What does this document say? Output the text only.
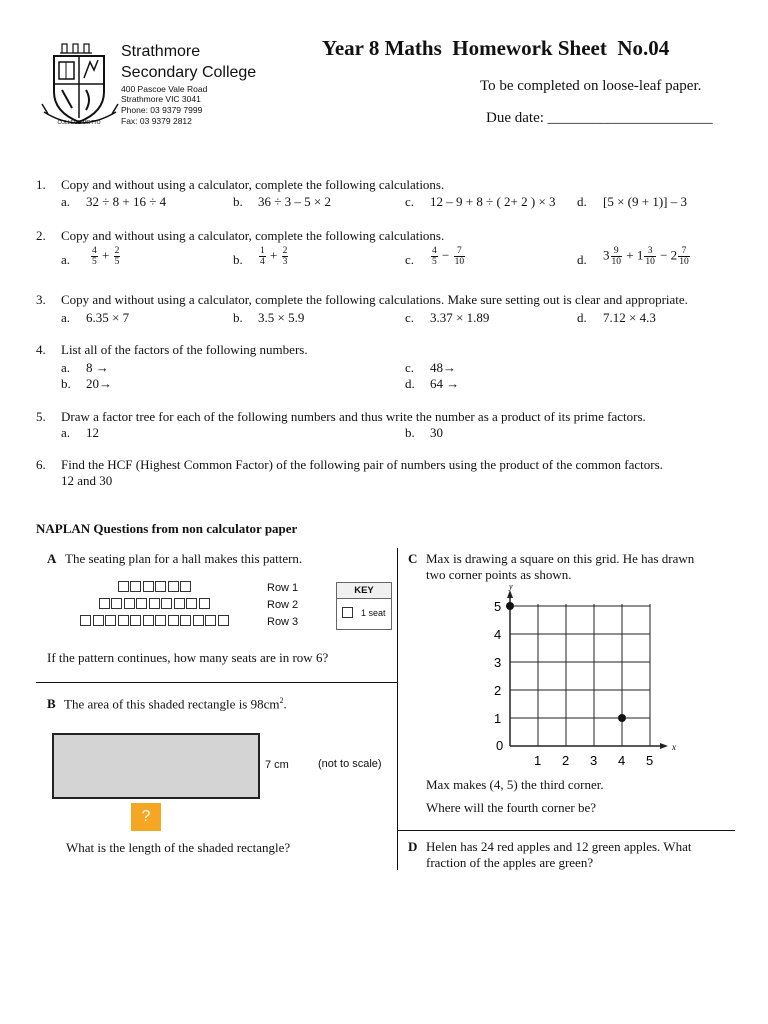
COLLEGE MOTTO
Strathmore
Secondary College
400 Pascoe Vale Road
Strathmore VIC 3041
Phone: 03 9379 7999
Fax: 03 9379 2812
Year 8 Maths  Homework Sheet  No.04
To be completed on loose-leaf paper.
Due date: ______________________
1. Copy and without using a calculator, complete the following calculations.
a. 32 ÷ 8 + 16 ÷ 4	b. 36 ÷ 3 – 5 × 2	c. 12 – 9 + 8 ÷ ( 2+ 2 ) × 3 d. [5 × (9 + 1)] – 3
2. Copy and without using a calculator, complete the following calculations.
a. $\frac{4}{5} + \frac{2}{5}$	b. $\frac{1}{4} + \frac{2}{3}$	c. $\frac{4}{5} - \frac{7}{10}$	d. $3 \frac{9}{10} + 1 \frac{3}{10} - 2 \frac{7}{10}$
3. Copy and without using a calculator, complete the following calculations. Make sure setting out is clear and appropriate.
a. 6.35 × 7	b. 3.5 × 5.9	c. 3.37 × 1.89	d. 7.12 × 4.3
4. List all of the factors of the following numbers.
a. 8 →
b. 20→
c. 48→
d. 64 →
5. Draw a factor tree for each of the following numbers and thus write the number as a product of its prime factors.
a. 12	b. 30
6. Find the HCF (Highest Common Factor) of the following pair of numbers using the product of the common factors.
12 and 30
NAPLAN Questions from non calculator paper
A The seating plan for a hall makes this pattern.
Row 1
Row 2
Row 3
KEY
1 seat
If the pattern continues, how many seats are in row 6?
B The area of this shaded rectangle is $98cm^2$.
7 cm	(not to scale)
?
What is the length of the shaded rectangle?
C Max is drawing a square on this grid. He has drawn
two corner points as shown.
0
1 2 3 4 5
1
2
3
4
5
x
y
Max makes (4, 5) the third corner.
Where will the fourth corner be?
D Helen has 24 red apples and 12 green apples. What
fraction of the apples are green?
